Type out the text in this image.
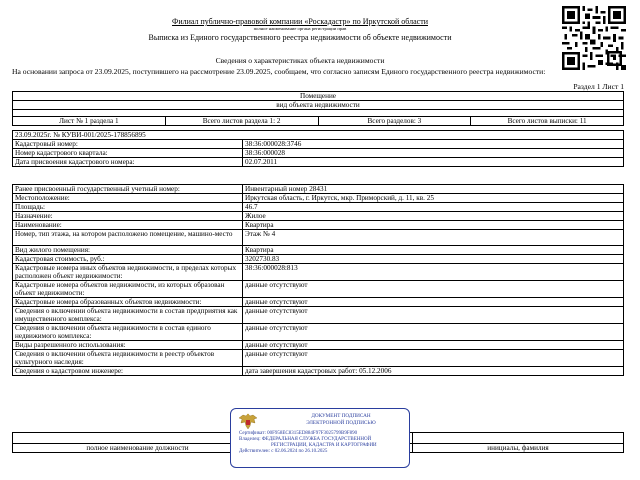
Филиал публично-правовой компании «Роскадастр» по Иркутской области
полное наименование органа регистрации прав
Выписка из Единого государственного реестра недвижимости об объекте недвижимости
Сведения о характеристиках объекта недвижимости
На основании запроса от 23.09.2025, поступившего на рассмотрение 23.09.2025, сообщаем, что согласно записям Единого государственного реестра недвижимости:
Раздел 1 Лист 1
Помещение
вид объекта недвижимости

Лист № 1 раздела 1	Всего листов раздела 1: 2	Всего разделов: 3	Всего листов выписки: 11
23.09.2025г. № КУВИ-001/2025-178856895	
Кадастровый номер:	38:36:000028:3746
Номер кадастрового квартала:	38:36:000028
Дата присвоения кадастрового номера:	02.07.2011
Ранее присвоенный государственный учетный номер:	Инвентарный номер 28431
Местоположение:	Иркутская область, г. Иркутск, мкр. Приморский, д. 11, кв. 25
Площадь:	46.7
Назначение:	Жилое
Наименование:	Квартира
Номер, тип этажа, на котором расположено помещение, машино-место	Этаж № 4
Вид жилого помещения:	Квартира
Кадастровая стоимость, руб.:	3202730.83
Кадастровые номера иных объектов недвижимости, в пределах которых расположен объект недвижимости:	38:36:000028:813
Кадастровые номера объектов недвижимости, из которых образован объект недвижимости:	данные отсутствуют
Кадастровые номера образованных объектов недвижимости:	данные отсутствуют
Сведения о включении объекта недвижимости в состав предприятия как имущественного комплекса:	данные отсутствуют
Сведения о включении объекта недвижимости в состав единого недвижимого комплекса:	данные отсутствуют
Виды разрешенного использования:	данные отсутствуют
Сведения о включении объекта недвижимости в реестр объектов культурного наследия:	данные отсутствуют
Сведения о кадастровом инженере:	дата завершения кадастровых работ: 05.12.2006

полное наименование должности		инициалы, фамилия
ДОКУМЕНТ ПОДПИСАН
ЭЛЕКТРОННОЙ ПОДПИСЬЮ
Сертификат: 00F958EC8315ED884F97F3025799B9F890
Владелец: ФЕДЕРАЛЬНАЯ СЛУЖБА ГОСУДАРСТВЕННОЙ
РЕГИСТРАЦИИ, КАДАСТРА И КАРТОГРАФИИ
Действителен: с 02.06.2024 по 26.10.2025
